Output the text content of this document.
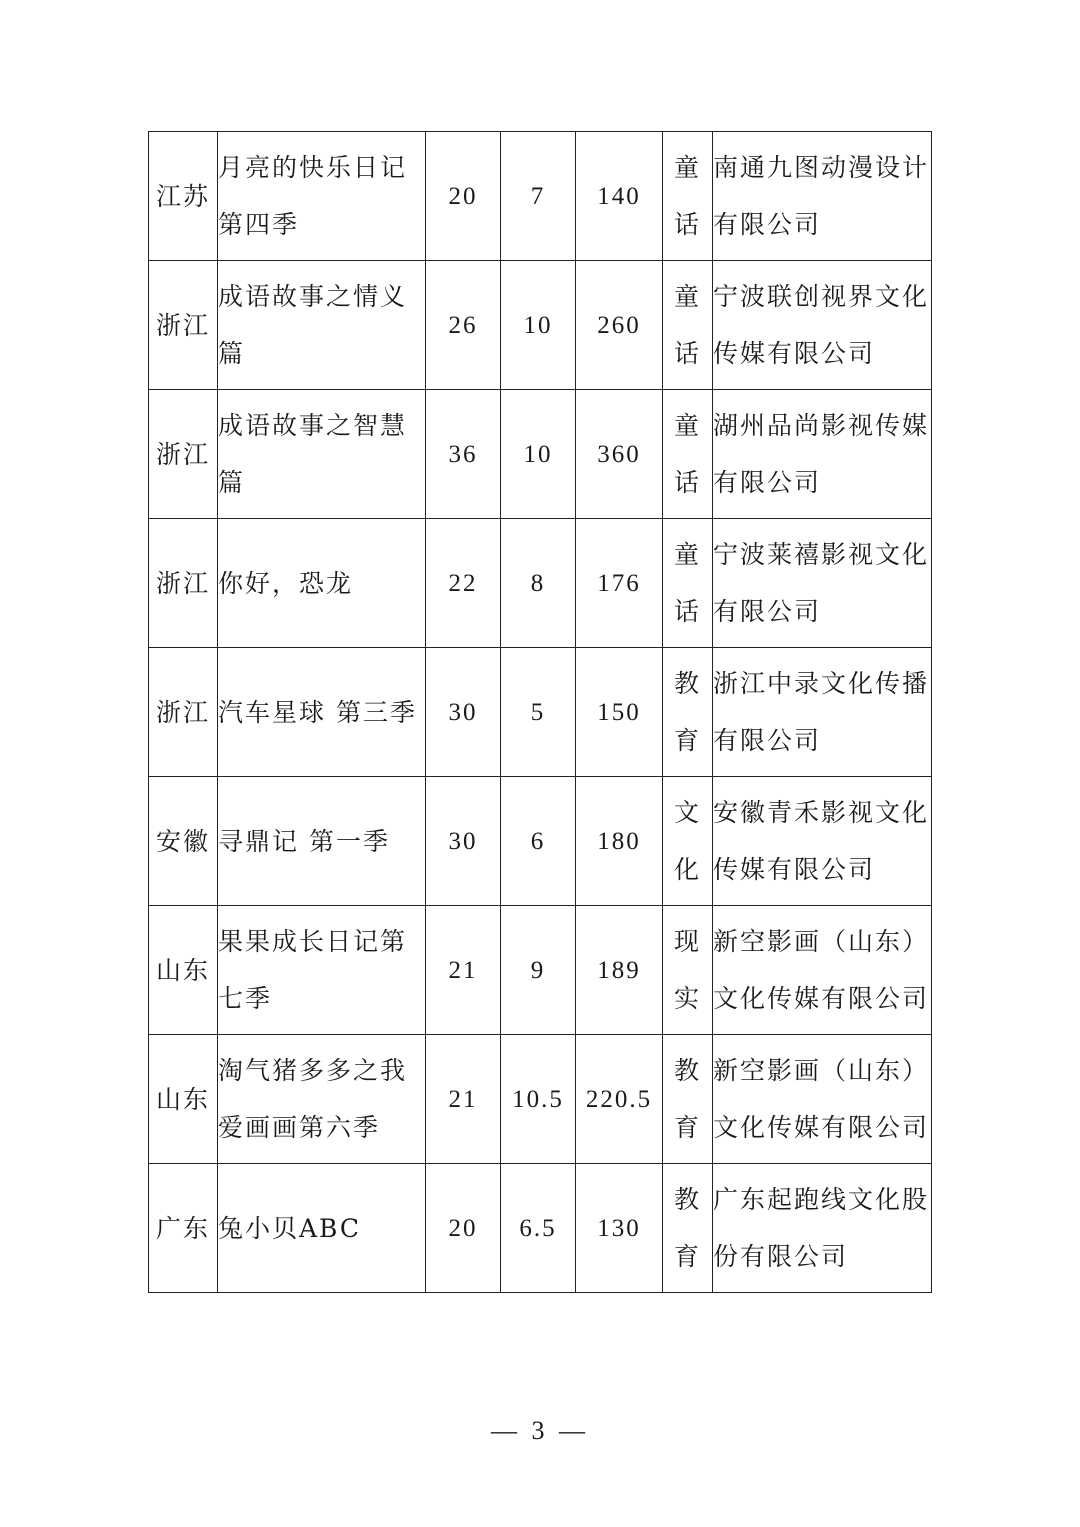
江苏	月亮的快乐日记第四季	20	7	140	童话	南通九图动漫设计有限公司

浙江	成语故事之情义篇	26	10	260	童话	宁波联创视界文化传媒有限公司

浙江	成语故事之智慧篇	36	10	360	童话	湖州品尚影视传媒有限公司

浙江	你好，恐龙	22	8	176	童话	宁波莱禧影视文化有限公司

浙江	汽车星球 第三季	30	5	150	教育	浙江中录文化传播有限公司

安徽	寻鼎记 第一季	30	6	180	文化	安徽青禾影视文化传媒有限公司

山东	果果成长日记第七季	21	9	189	现实	新空影画（山东）文化传媒有限公司

山东	淘气猪多多之我爱画画第六季	21	10.5	220.5	教育	新空影画（山东）文化传媒有限公司

广东	兔小贝ABC	20	6.5	130	教育	广东起跑线文化股份有限公司
— 3 —
